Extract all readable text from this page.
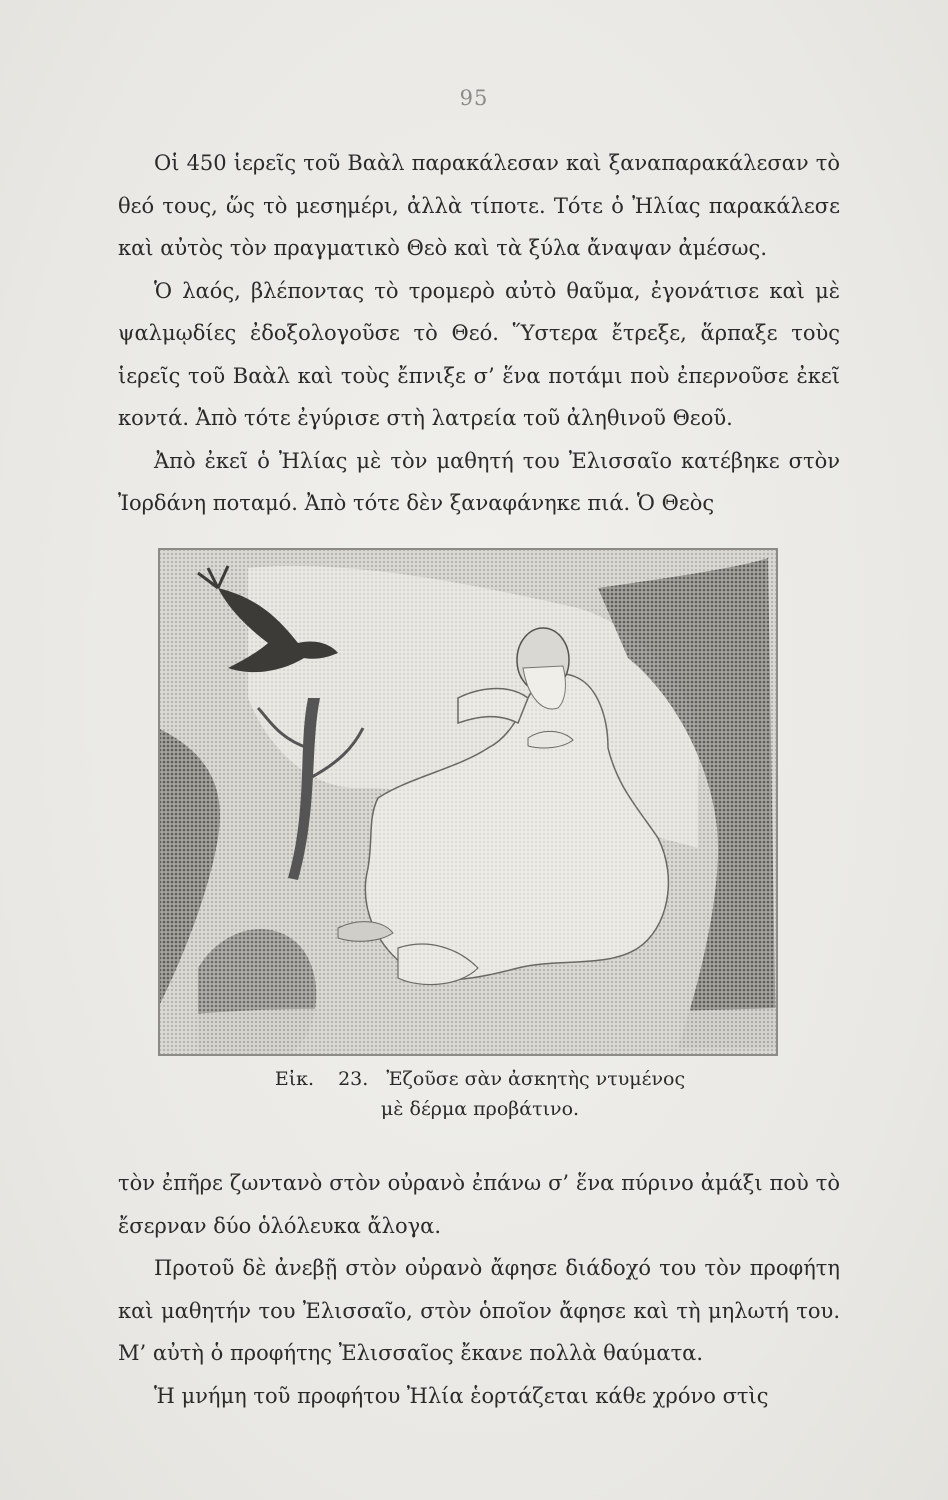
95

Οἱ 450 ἱερεῖς τοῦ Βαὰλ παρακάλεσαν καὶ ξαναπαρακάλεσαν τὸ θεό τους, ὥς τὸ μεσημέρι, ἀλλὰ τίποτε. Τότε ὁ Ἠλίας παρακάλεσε καὶ αὐτὸς τὸν πραγματικὸ Θεὸ καὶ τὰ ξύλα ἄναψαν ἀμέσως.

Ὁ λαός, βλέποντας τὸ τρομερὸ αὐτὸ θαῦμα, ἐγονάτισε καὶ μὲ ψαλμῳδίες ἐδοξολογοῦσε τὸ Θεό. Ὕστερα ἔτρεξε, ἅρπαξε τοὺς ἱερεῖς τοῦ Βαὰλ καὶ τοὺς ἔπνιξε σ’ ἕνα ποτάμι ποὺ ἐπερνοῦσε ἐκεῖ κοντά. Ἀπὸ τότε ἐγύρισε στὴ λατρεία τοῦ ἀληθινοῦ Θεοῦ.

Ἀπὸ ἐκεῖ ὁ Ἠλίας μὲ τὸν μαθητή του Ἐλισσαῖο κατέβηκε στὸν Ἰορδάνη ποταμό. Ἀπὸ τότε δὲν ξαναφάνηκε πιά. Ὁ Θεὸς

Εἰκ. 23. Ἐζοῦσε σὰν ἀσκητὴς ντυμένος
μὲ δέρμα προβάτινο.

τὸν ἐπῆρε ζωντανὸ στὸν οὐρανὸ ἐπάνω σ’ ἕνα πύρινο ἀμάξι ποὺ τὸ ἔσερναν δύο ὁλόλευκα ἄλογα.

Προτοῦ δὲ ἀνεβῇ στὸν οὐρανὸ ἄφησε διάδοχό του τὸν προφήτη καὶ μαθητήν του Ἐλισσαῖο, στὸν ὁποῖον ἄφησε καὶ τὴ μηλωτή του. Μ’ αὐτὴ ὁ προφήτης Ἐλισσαῖος ἔκανε πολλὰ θαύματα.

Ἡ μνήμη τοῦ προφήτου Ἠλία ἑορτάζεται κάθε χρόνο στὶς
